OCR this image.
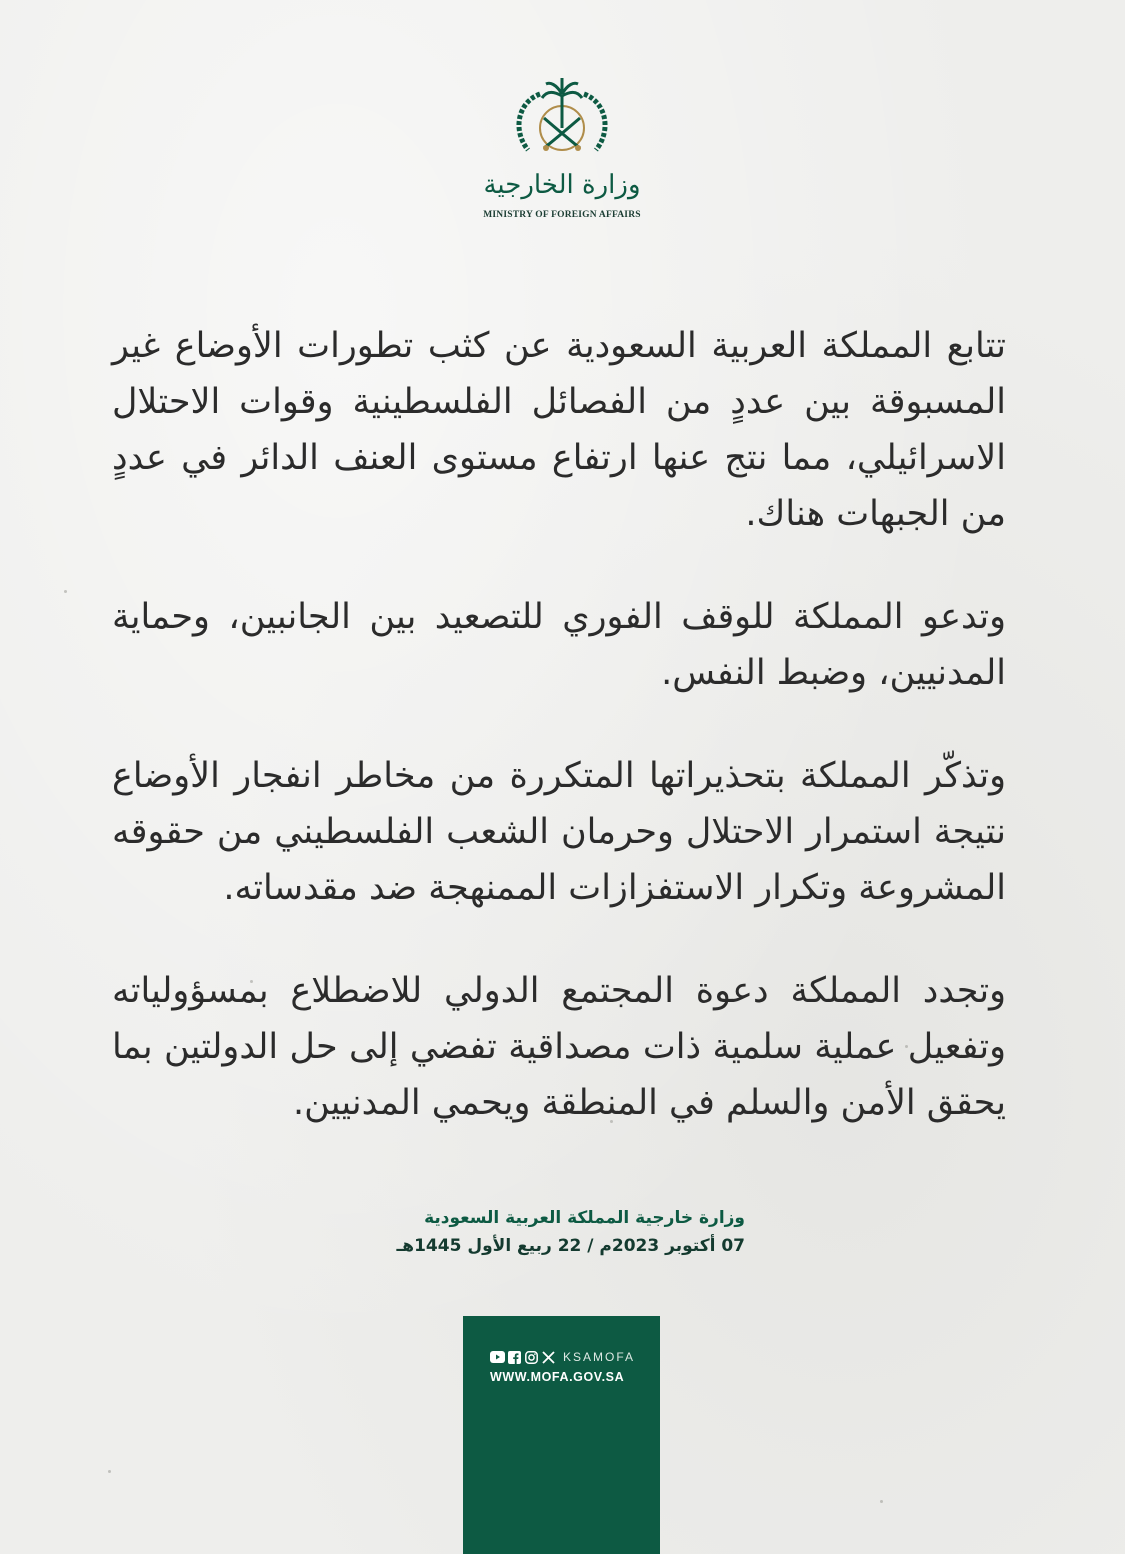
وزارة الخارجية
MINISTRY OF FOREIGN AFFAIRS

تتابع المملكة العربية السعودية عن كثب تطورات الأوضاع غير المسبوقة بين عددٍ من الفصائل الفلسطينية وقوات الاحتلال الاسرائيلي، مما نتج عنها ارتفاع مستوى العنف الدائر في عددٍ من الجبهات هناك.

وتدعو المملكة للوقف الفوري للتصعيد بين الجانبين، وحماية المدنيين، وضبط النفس.

وتذكّر المملكة بتحذيراتها المتكررة من مخاطر انفجار الأوضاع نتيجة استمرار الاحتلال وحرمان الشعب الفلسطيني من حقوقه المشروعة وتكرار الاستفزازات الممنهجة ضد مقدساته.

وتجدد المملكة دعوة المجتمع الدولي للاضطلاع بمسؤولياته وتفعيل عملية سلمية ذات مصداقية تفضي إلى حل الدولتين بما يحقق الأمن والسلم في المنطقة ويحمي المدنيين.

وزارة خارجية المملكة العربية السعودية
07 أكتوبر 2023م / 22 ربيع الأول 1445هـ
KSAMOFA
WWW.MOFA.GOV.SA
